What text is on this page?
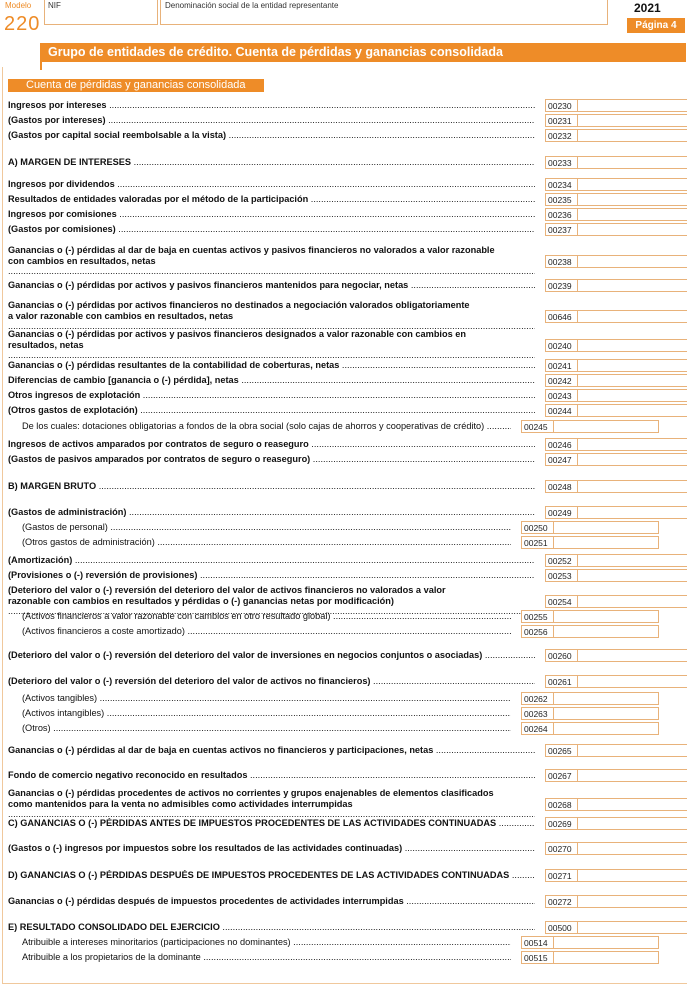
Modelo
220
NIF	Denominación social de la entidad representante	2021
Página 4
Grupo de entidades de crédito. Cuenta de pérdidas y ganancias consolidada
Cuenta de pérdidas y ganancias consolidada
Ingresos por intereses .....	00230
(Gastos por intereses) .....	00231
(Gastos por capital social reembolsable a la vista) .....	00232
A) MARGEN DE INTERESES .....	00233
Ingresos por dividendos .....	00234
Resultados de entidades valoradas por el método de la participación .....	00235
Ingresos por comisiones .....	00236
(Gastos por comisiones) .....	00237
Ganancias o (-) pérdidas al dar de baja en cuentas activos y pasivos financieros no valorados a valor razonable
con cambios en resultados, netas .....	00238
Ganancias o (-) pérdidas por activos y pasivos financieros mantenidos para negociar, netas .....	00239
Ganancias o (-) pérdidas por activos financieros no destinados a negociación valorados obligatoriamente
a valor razonable con cambios en resultados, netas .....	00646
Ganancias o (-) pérdidas por activos y pasivos financieros designados a valor razonable con cambios en
resultados, netas .....	00240
Ganancias o (-) pérdidas resultantes de la contabilidad de coberturas, netas .....	00241
Diferencias de cambio [ganancia o (-) pérdida], netas .....	00242
Otros ingresos de explotación .....	00243
(Otros gastos de explotación) .....	00244
De los cuales: dotaciones obligatorias a fondos de la obra social (solo cajas de ahorros y cooperativas de crédito) .....	00245
Ingresos de activos amparados por contratos de seguro o reaseguro .....	00246
(Gastos de pasivos amparados por contratos de seguro o reaseguro) .....	00247
B) MARGEN BRUTO .....	00248
(Gastos de administración) .....	00249
(Gastos de personal) .....	00250
(Otros gastos de administración) .....	00251
(Amortización) .....	00252
(Provisiones o (-) reversión de provisiones) .....	00253
(Deterioro del valor o (-) reversión del deterioro del valor de activos financieros no valorados a valor
razonable con cambios en resultados y pérdidas o (-) ganancias netas por modificación) .....	00254
(Activos financieros a valor razonable con cambios en otro resultado global) .....	00255
(Activos financieros a coste amortizado) .....	00256
(Deterioro del valor o (-) reversión del deterioro del valor de inversiones en negocios conjuntos o asociadas) .....	00260
(Deterioro del valor o (-) reversión del deterioro del valor de activos no financieros) .....	00261
(Activos tangibles) .....	00262
(Activos intangibles) .....	00263
(Otros) .....	00264
Ganancias o (-) pérdidas al dar de baja en cuentas activos no financieros y participaciones, netas .....	00265
Fondo de comercio negativo reconocido en resultados .....	00267
Ganancias o (-) pérdidas procedentes de activos no corrientes y grupos enajenables de elementos clasificados
como mantenidos para la venta no admisibles como actividades interrumpidas .....	00268
C) GANANCIAS O (-) PÉRDIDAS ANTES DE IMPUESTOS PROCEDENTES DE LAS ACTIVIDADES CONTINUADAS .....	00269
(Gastos o (-) ingresos por impuestos sobre los resultados de las actividades continuadas) .....	00270
D) GANANCIAS O (-) PÉRDIDAS DESPUÉS DE IMPUESTOS PROCEDENTES DE LAS ACTIVIDADES CONTINUADAS .....	00271
Ganancias o (-) pérdidas después de impuestos procedentes de actividades interrumpidas .....	00272
E) RESULTADO CONSOLIDADO DEL EJERCICIO .....	00500
Atribuible a intereses minoritarios (participaciones no dominantes) .....	00514
Atribuible a los propietarios de la dominante .....	00515
